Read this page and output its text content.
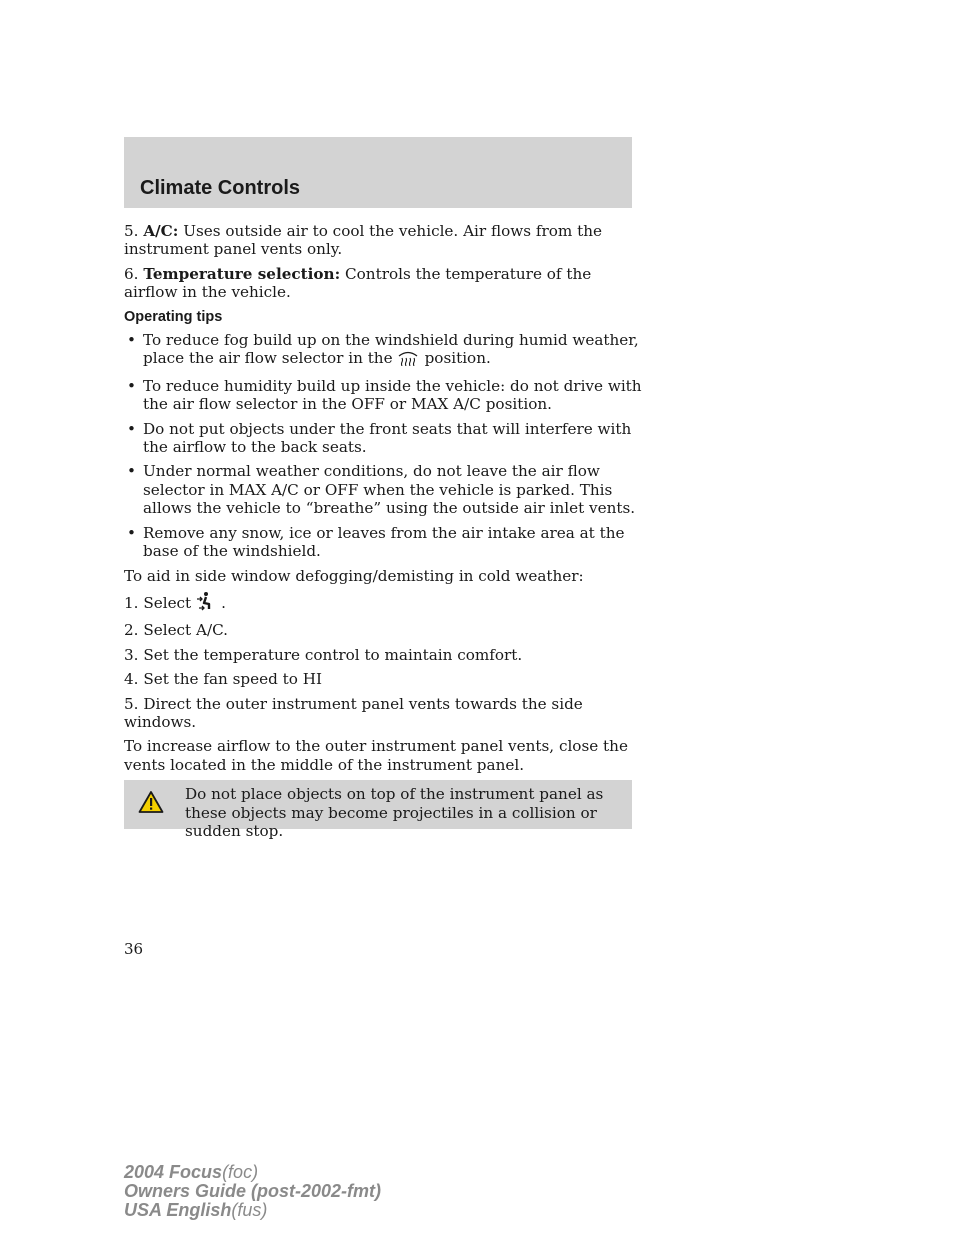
Climate Controls

5. A/C: Uses outside air to cool the vehicle. Air flows from the instrument panel vents only.

6. Temperature selection: Controls the temperature of the airflow in the vehicle.

Operating tips
• To reduce fog build up on the windshield during humid weather, place the air flow selector in the position.
• To reduce humidity build up inside the vehicle: do not drive with the air flow selector in the OFF or MAX A/C position.
• Do not put objects under the front seats that will interfere with the airflow to the back seats.
• Under normal weather conditions, do not leave the air flow selector in MAX A/C or OFF when the vehicle is parked. This allows the vehicle to “breathe” using the outside air inlet vents.
• Remove any snow, ice or leaves from the air intake area at the base of the windshield.

To aid in side window defogging/demisting in cold weather:

1. Select .

2. Select A/C.

3. Set the temperature control to maintain comfort.

4. Set the fan speed to HI

5. Direct the outer instrument panel vents towards the side windows.

To increase airflow to the outer instrument panel vents, close the vents located in the middle of the instrument panel.

Do not place objects on top of the instrument panel as these objects may become projectiles in a collision or sudden stop.
36
2004 Focus(foc)
Owners Guide (post-2002-fmt)
USA English(fus)
